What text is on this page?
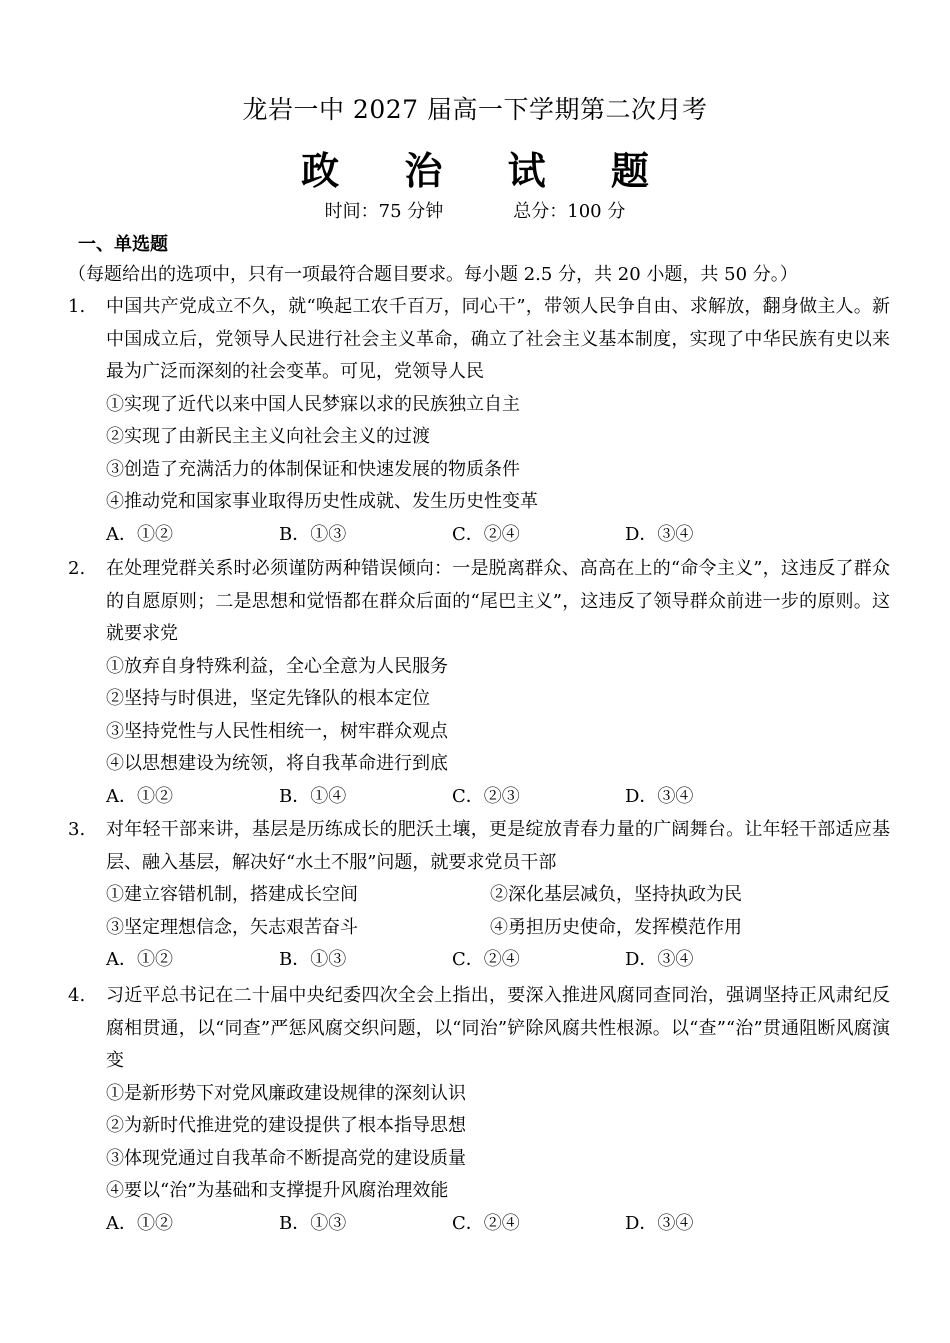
龙岩一中 2027 届高一下学期第二次月考
政 治 试 题
时间：75 分钟	总分：100 分
一、单选题（每题给出的选项中，只有一项最符合题目要求。每小题 2.5 分，共 20 小题，共 50 分。）
1. 中国共产党成立不久，就“唤起工农千百万，同心干”，带领人民争自由、求解放，翻身做主人。新中国成立后，党领导人民进行社会主义革命，确立了社会主义基本制度，实现了中华民族有史以来最为广泛而深刻的社会变革。可见，党领导人民
①实现了近代以来中国人民梦寐以求的民族独立自主
②实现了由新民主主义向社会主义的过渡
③创造了充满活力的体制保证和快速发展的物质条件
④推动党和国家事业取得历史性成就、发生历史性变革
A．①②	B．①③	C．②④	D．③④
2. 在处理党群关系时必须谨防两种错误倾向：一是脱离群众、高高在上的“命令主义”，这违反了群众的自愿原则；二是思想和觉悟都在群众后面的“尾巴主义”，这违反了领导群众前进一步的原则。这就要求党
①放弃自身特殊利益，全心全意为人民服务
②坚持与时俱进，坚定先锋队的根本定位
③坚持党性与人民性相统一，树牢群众观点
④以思想建设为统领，将自我革命进行到底
A．①②	B．①④	C．②③	D．③④
3. 对年轻干部来讲，基层是历练成长的肥沃土壤，更是绽放青春力量的广阔舞台。让年轻干部适应基层、融入基层，解决好“水土不服”问题，就要求党员干部
①建立容错机制，搭建成长空间	②深化基层减负，坚持执政为民
③坚定理想信念，矢志艰苦奋斗	④勇担历史使命，发挥模范作用
A．①②	B．①③	C．②④	D．③④
4. 习近平总书记在二十届中央纪委四次全会上指出，要深入推进风腐同查同治，强调坚持正风肃纪反腐相贯通，以“同查”严惩风腐交织问题，以“同治”铲除风腐共性根源。以“查”“治”贯通阻断风腐演变
①是新形势下对党风廉政建设规律的深刻认识
②为新时代推进党的建设提供了根本指导思想
③体现党通过自我革命不断提高党的建设质量
④要以“治”为基础和支撑提升风腐治理效能
A．①②	B．①③	C．②④	D．③④
